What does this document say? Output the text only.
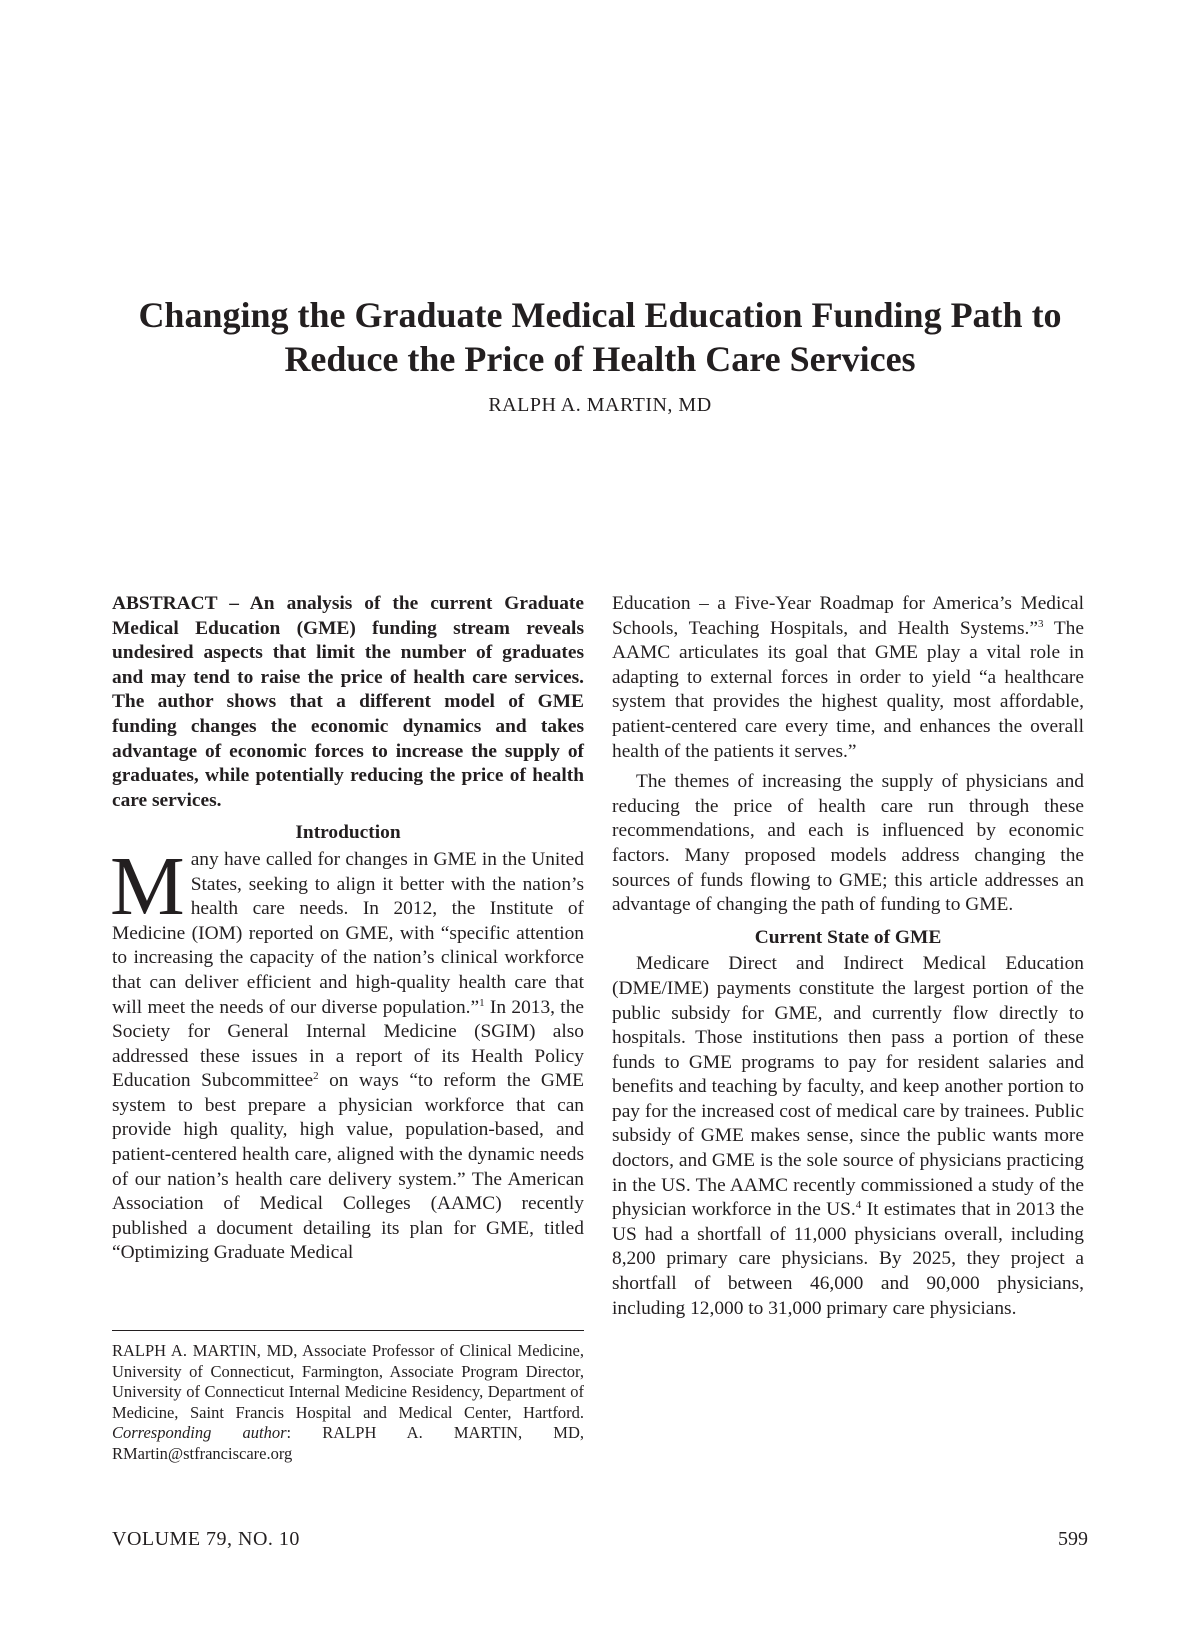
Changing the Graduate Medical Education Funding Path to
Reduce the Price of Health Care Services
RALPH A. MARTIN, MD

ABSTRACT – An analysis of the current Graduate Medical Education (GME) funding stream reveals undesired aspects that limit the number of graduates and may tend to raise the price of health care services. The author shows that a different model of GME funding changes the economic dynamics and takes advantage of economic forces to increase the supply of graduates, while potentially reducing the price of health care services.

Introduction

Many have called for changes in GME in the United States, seeking to align it better with the nation’s health care needs. In 2012, the Institute of Medicine (IOM) reported on GME, with “specific attention to increasing the capacity of the nation’s clinical workforce that can deliver efficient and high-quality health care that will meet the needs of our diverse population.”$^1$ In 2013, the Society for General Internal Medicine (SGIM) also addressed these issues in a report of its Health Policy Education Subcommittee$^2$ on ways “to reform the GME system to best prepare a physician workforce that can provide high quality, high value, population-based, and patient-centered health care, aligned with the dynamic needs of our nation’s health care delivery system.” The American Association of Medical Colleges (AAMC) recently published a document detailing its plan for GME, titled “Optimizing Graduate Medical

Education – a Five-Year Roadmap for America’s Medical Schools, Teaching Hospitals, and Health Systems.”$^3$ The AAMC articulates its goal that GME play a vital role in adapting to external forces in order to yield “a healthcare system that provides the highest quality, most affordable, patient-centered care every time, and enhances the overall health of the patients it serves.”

The themes of increasing the supply of physicians and reducing the price of health care run through these recommendations, and each is influenced by economic factors. Many proposed models address changing the sources of funds flowing to GME; this article addresses an advantage of changing the path of funding to GME.

Current State of GME

Medicare Direct and Indirect Medical Education (DME/IME) payments constitute the largest portion of the public subsidy for GME, and currently flow directly to hospitals. Those institutions then pass a portion of these funds to GME programs to pay for resident salaries and benefits and teaching by faculty, and keep another portion to pay for the increased cost of medical care by trainees. Public subsidy of GME makes sense, since the public wants more doctors, and GME is the sole source of physicians practicing in the US. The AAMC recently commissioned a study of the physician workforce in the US.$^4$ It estimates that in 2013 the US had a shortfall of 11,000 physicians overall, including 8,200 primary care physicians. By 2025, they project a shortfall of between 46,000 and 90,000 physicians, including 12,000 to 31,000 primary care physicians.

RALPH A. MARTIN, MD, Associate Professor of Clinical Medicine, University of Connecticut, Farmington, Associate Program Director, University of Connecticut Internal Medicine Residency, Department of Medicine, Saint Francis Hospital and Medical Center, Hartford. Corresponding author: RALPH A. MARTIN, MD, RMartin@stfranciscare.org
VOLUME 79, NO. 10	599
